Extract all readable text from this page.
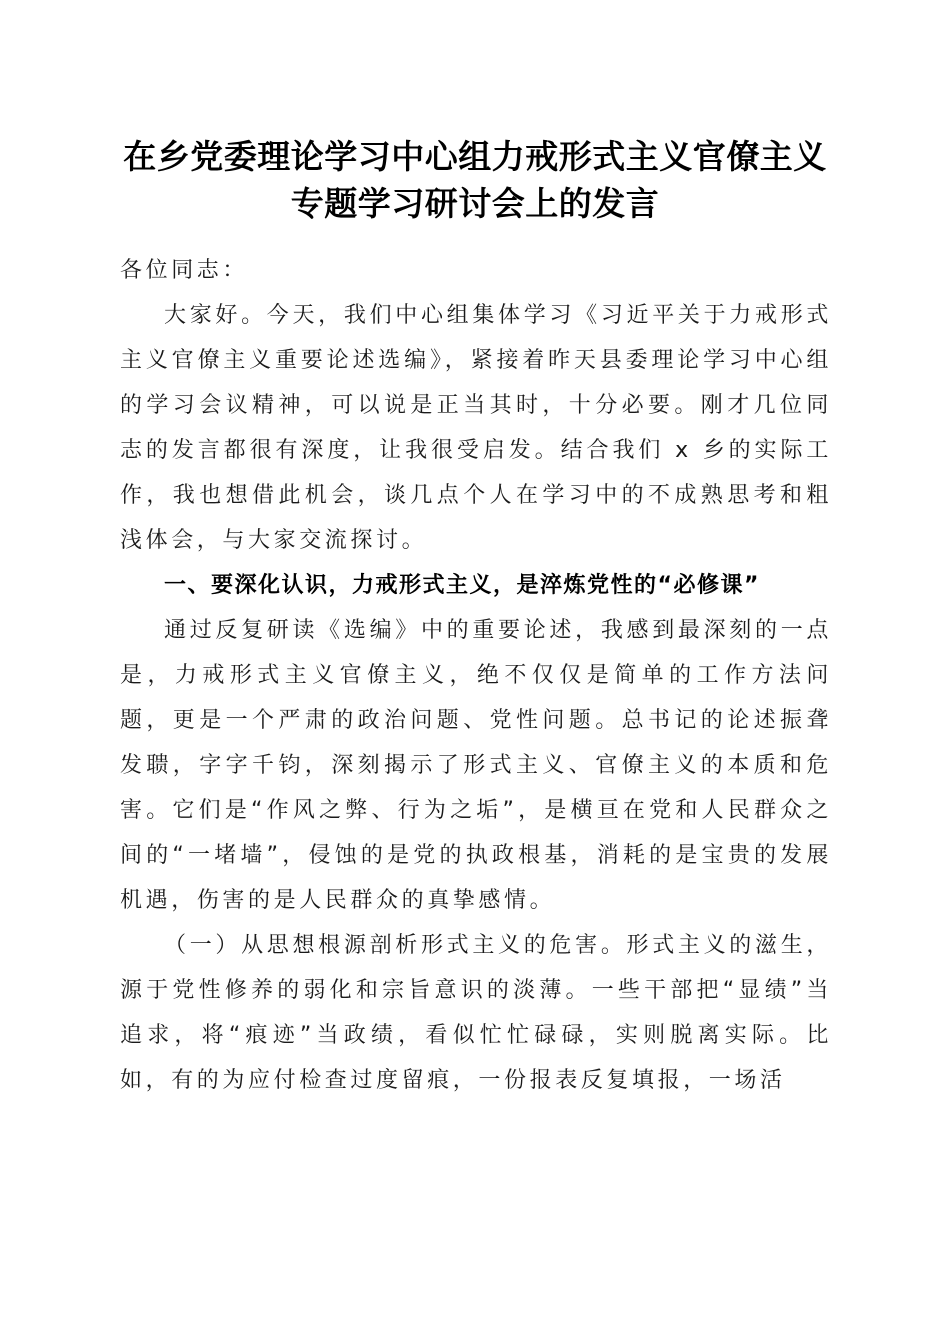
在乡党委理论学习中心组力戒形式主义官僚主义专题学习研讨会上的发言

各位同志：

大家好。今天，我们中心组集体学习《习近平关于力戒形式主义官僚主义重要论述选编》，紧接着昨天县委理论学习中心组的学习会议精神，可以说是正当其时，十分必要。刚才几位同志的发言都很有深度，让我很受启发。结合我们 x 乡的实际工作，我也想借此机会，谈几点个人在学习中的不成熟思考和粗浅体会，与大家交流探讨。

一、要深化认识，力戒形式主义，是淬炼党性的“必修课”

通过反复研读《选编》中的重要论述，我感到最深刻的一点是，力戒形式主义官僚主义，绝不仅仅是简单的工作方法问题，更是一个严肃的政治问题、党性问题。总书记的论述振聋发聩，字字千钧，深刻揭示了形式主义、官僚主义的本质和危害。它们是“作风之弊、行为之垢”，是横亘在党和人民群众之间的“一堵墙”，侵蚀的是党的执政根基，消耗的是宝贵的发展机遇，伤害的是人民群众的真挚感情。

（一）从思想根源剖析形式主义的危害。形式主义的滋生，源于党性修养的弱化和宗旨意识的淡薄。一些干部把“显绩”当追求，将“痕迹”当政绩，看似忙忙碌碌，实则脱离实际。比如，有的为应付检查过度留痕，一份报表反复填报，一场活
